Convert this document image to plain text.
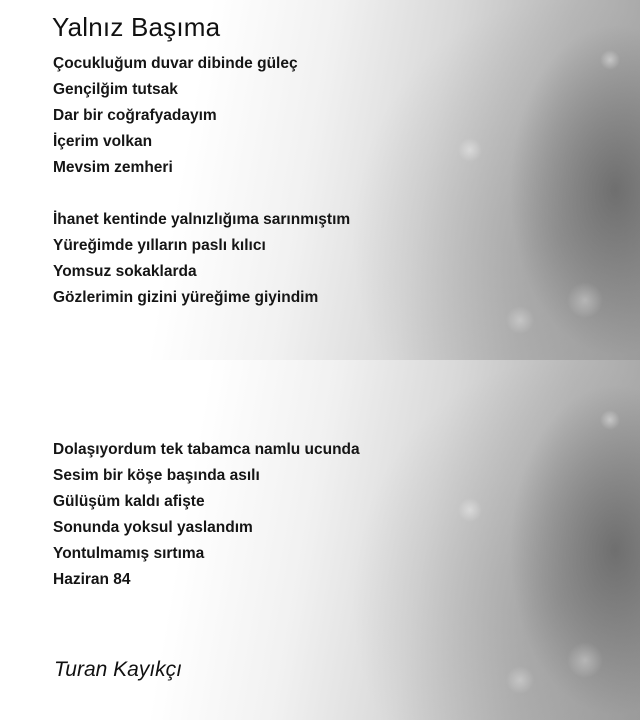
Yalnız Başıma
Çocukluğum duvar dibinde güleç
Gençilğim tutsak
Dar bir coğrafyadayım
İçerim volkan
Mevsim zemheri
İhanet kentinde yalnızlığıma sarınmıştım
Yüreğimde yılların paslı kılıcı
Yomsuz sokaklarda
Gözlerimin gizini yüreğime giyindim
Dolaşıyordum tek tabamca namlu ucunda
Sesim bir köşe başında asılı
Gülüşüm kaldı afişte
Sonunda yoksul yaslandım
Yontulmamış sırtıma
Haziran 84
Turan Kayıkçı
